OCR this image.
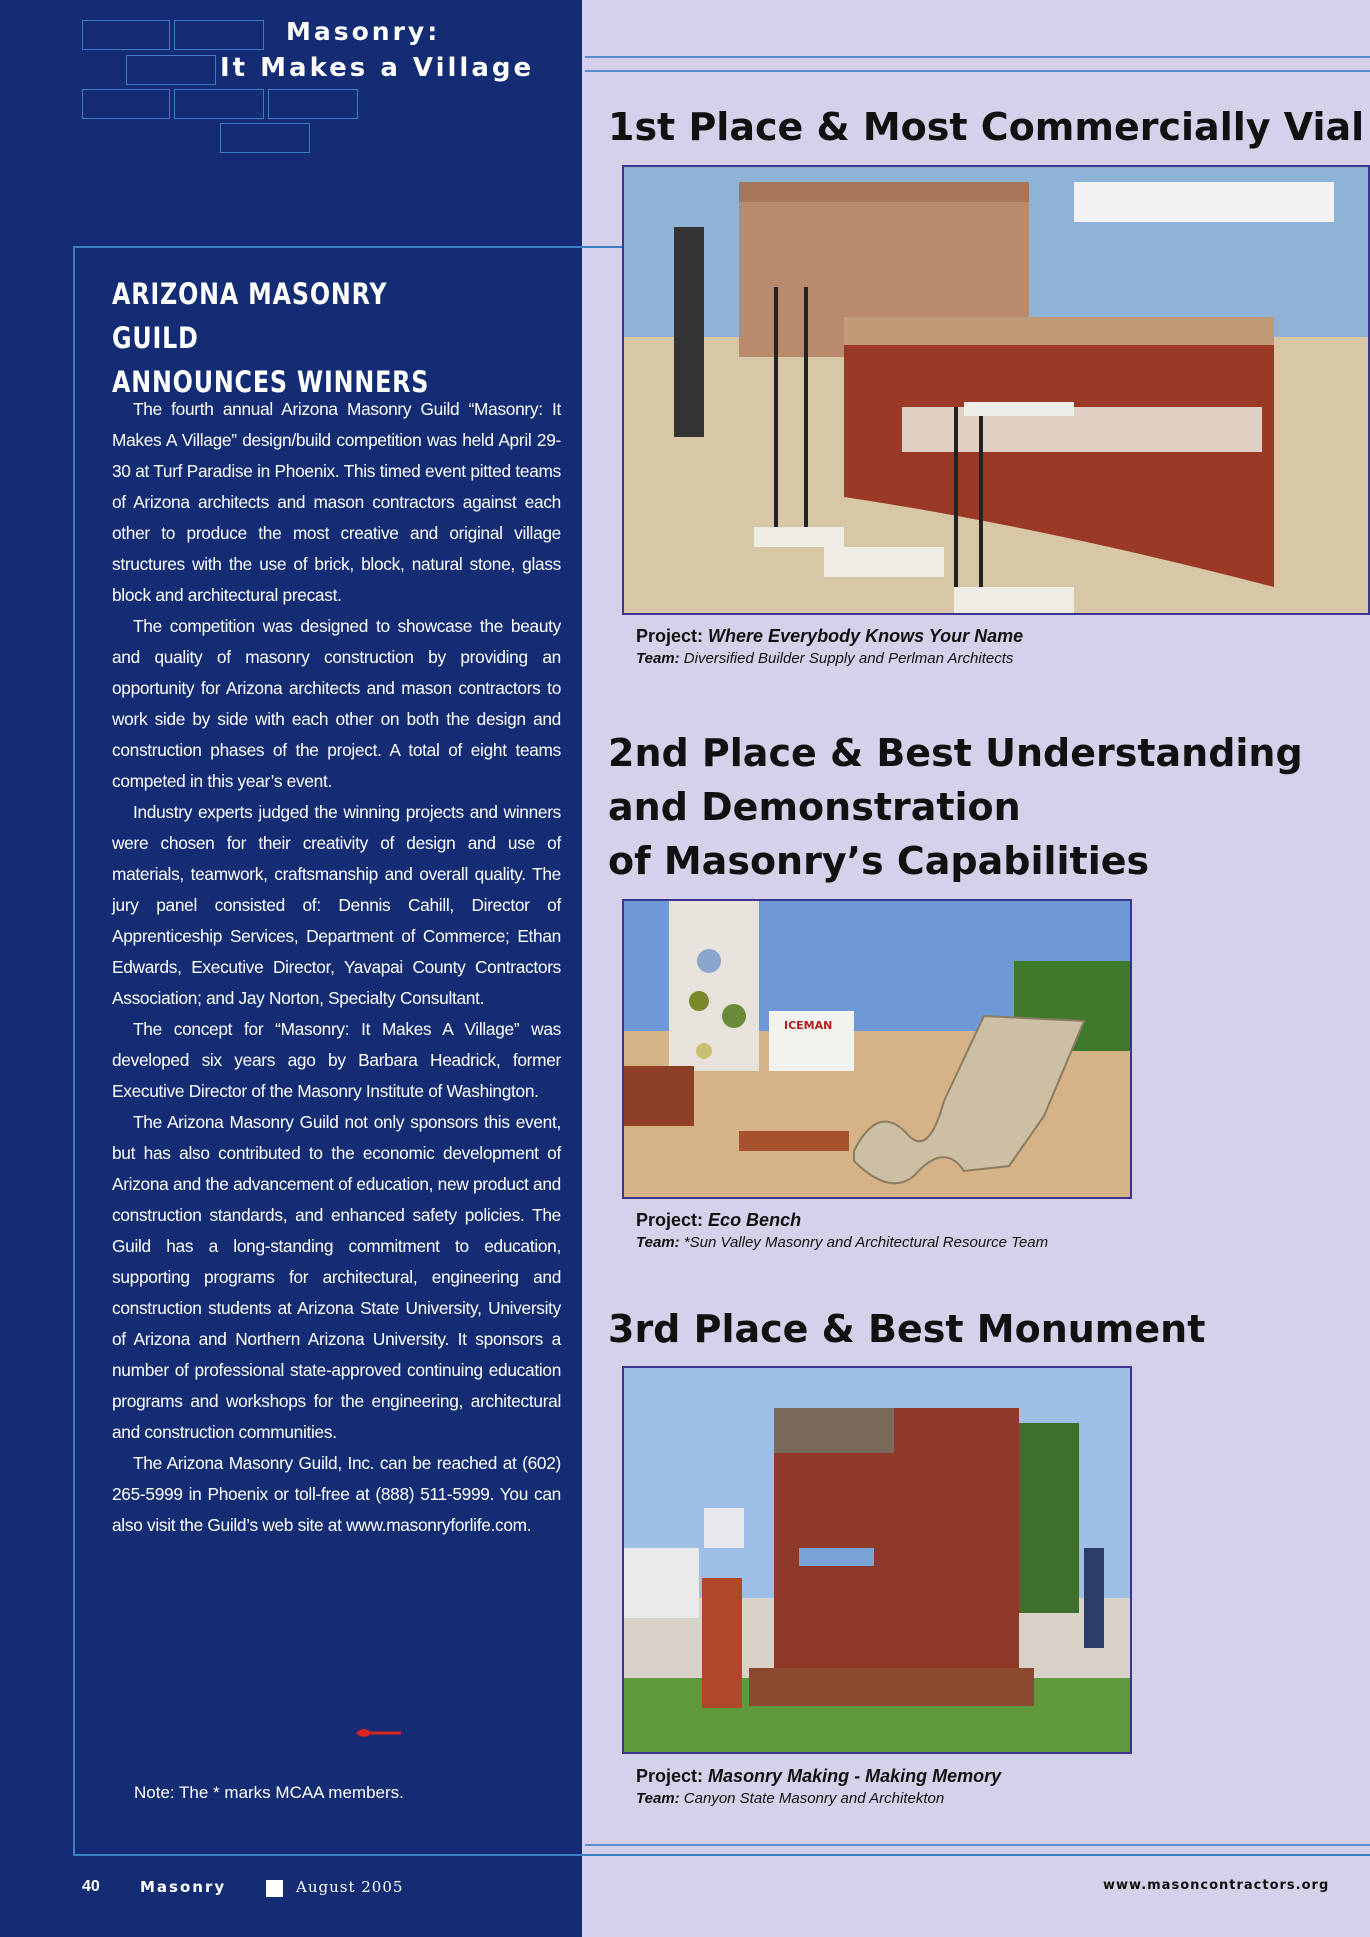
Masonry:
It Makes a Village
ARIZONA MASONRY GUILD
ANNOUNCES WINNERS

The fourth annual Arizona Masonry Guild “Masonry: It Makes A Village” design/build competition was held April 29-30 at Turf Paradise in Phoenix. This timed event pitted teams of Arizona architects and mason contractors against each other to produce the most creative and original village structures with the use of brick, block, natural stone, glass block and architectural precast.

The competition was designed to showcase the beauty and quality of masonry construction by providing an opportunity for Arizona architects and mason contractors to work side by side with each other on both the design and construction phases of the project. A total of eight teams competed in this year’s event.

Industry experts judged the winning projects and winners were chosen for their creativity of design and use of materials, teamwork, craftsmanship and overall quality. The jury panel consisted of: Dennis Cahill, Director of Apprenticeship Services, Department of Commerce; Ethan Edwards, Executive Director, Yavapai County Contractors Association; and Jay Norton, Specialty Consultant.

The concept for “Masonry: It Makes A Village” was developed six years ago by Barbara Headrick, former Executive Director of the Masonry Institute of Washington.

The Arizona Masonry Guild not only sponsors this event, but has also contributed to the economic development of Arizona and the advancement of education, new product and construction standards, and enhanced safety policies. The Guild has a long-standing commitment to education, supporting programs for architectural, engineering and construction students at Arizona State University, University of Arizona and Northern Arizona University. It sponsors a number of professional state-approved continuing education programs and workshops for the engineering, architectural and construction communities.

The Arizona Masonry Guild, Inc. can be reached at (602) 265-5999 in Phoenix or toll-free at (888) 511-5999. You can also visit the Guild’s web site at www.masonryforlife.com.

Note: The * marks MCAA members.
1st Place & Most Commercially Vial
Project: Where Everybody Knows Your Name
Team: Diversified Builder Supply and Perlman Architects
2nd Place & Best Understanding
and Demonstration
of Masonry’s Capabilities
ICEMAN
Project: Eco Bench
Team: *Sun Valley Masonry and Architectural Resource Team
3rd Place & Best Monument
Project: Masonry Making - Making Memory
Team: Canyon State Masonry and Architekton
40	Masonry	August 2005	www.masoncontractors.org
